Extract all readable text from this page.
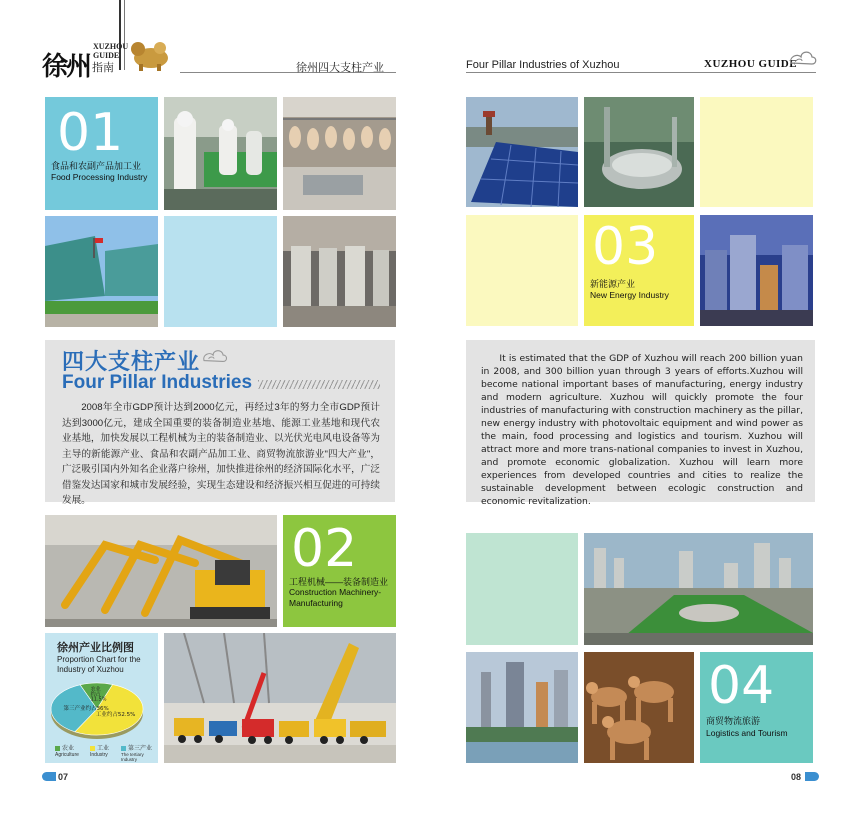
徐州
XUZHOU
GUIDE
指南	徐州四大支柱产业	Four Pillar Industries of Xuzhou	XUZHOU GUIDE
01
食品和农副产品加工业
Food Processing Industry
四大支柱产业
Four Pillar Industries
2008年全市GDP预计达到2000亿元，再经过3年的努力全市GDP预计达到3000亿元，建成全国重要的装备制造业基地、能源工业基地和现代农业基地，加快发展以工程机械为主的装备制造业、以光伏光电风电设备等为主导的新能源产业、食品和农副产品加工业、商贸物流旅游业"四大产业"，广泛吸引国内外知名企业落户徐州，加快推进徐州的经济国际化水平，广泛借鉴发达国家和城市发展经验，实现生态建设和经济振兴相互促进的可持续发展。
02
工程机械——装备制造业
Construction Machinery-
Manufacturing
徐州产业比例图
Proportion Chart for the
Industry of Xuzhou
农业
约占
11.5%
工业约占52.5%
第三产业约占36%
农业	工业	第三产业
Agriculture Industry	The tertiary Industry
07
03
新能源产业
New Energy Industry
It is estimated that the GDP of Xuzhou will reach 200 billion yuan in 2008, and 300 billion yuan through 3 years of efforts.Xuzhou will become national important bases of manufacturing, energy industry and modern agriculture. Xuzhou will quickly promote the four industries of manufacturing with construction machinery as the pillar, new energy industry with photovoltaic equipment and wind power as the main, food processing and logistics and tourism. Xuzhou will attract more and more trans-national companies to invest in Xuzhou, and promote economic globalization. Xuzhou will learn more experiences from developed countries and cities to realize the sustainable development between ecologic construction and economic revitalization.
04
商贸物流旅游
Logistics and Tourism
08
